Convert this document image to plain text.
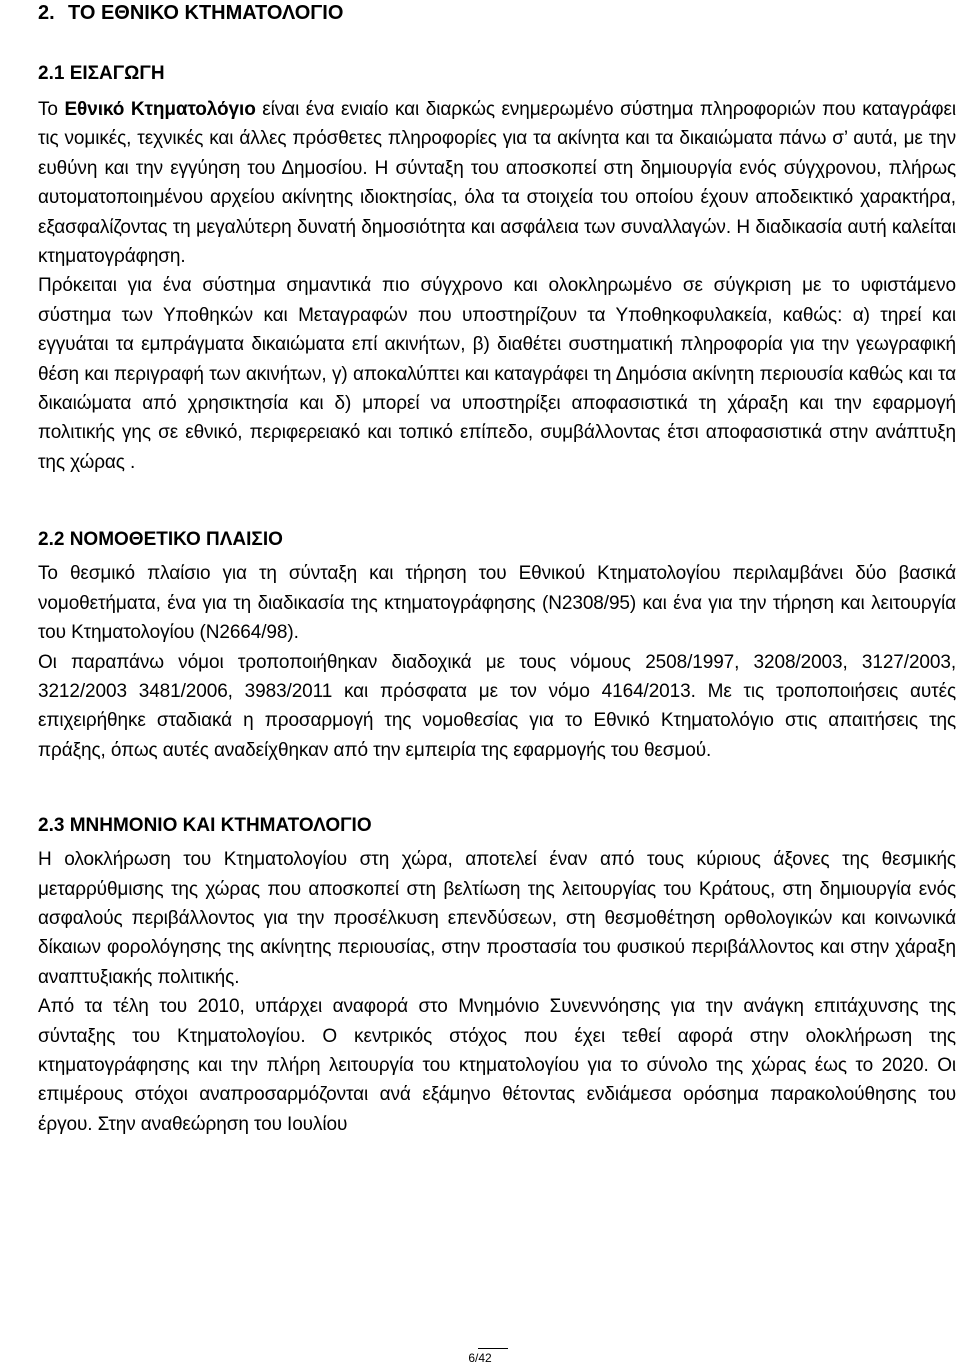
2. ΤΟ ΕΘΝΙΚΟ ΚΤΗΜΑΤΟΛΟΓΙΟ
2.1 ΕΙΣΑΓΩΓΗ

Το Εθνικό Κτηματολόγιο είναι ένα ενιαίο και διαρκώς ενημερωμένο σύστημα πληροφοριών που καταγράφει τις νομικές, τεχνικές και άλλες πρόσθετες πληροφορίες για τα ακίνητα και τα δικαιώματα πάνω σ’ αυτά, με την ευθύνη και την εγγύηση του Δημοσίου. Η σύνταξη του αποσκοπεί στη δημιουργία ενός σύγχρονου, πλήρως αυτοματοποιημένου αρχείου ακίνητης ιδιοκτησίας, όλα τα στοιχεία του οποίου έχουν αποδεικτικό χαρακτήρα, εξασφαλίζοντας τη μεγαλύτερη δυνατή δημοσιότητα και ασφάλεια των συναλλαγών. Η διαδικασία αυτή καλείται κτηματογράφηση.

Πρόκειται για ένα σύστημα σημαντικά πιο σύγχρονο και ολοκληρωμένο σε σύγκριση με το υφιστάμενο σύστημα των Υποθηκών και Μεταγραφών που υποστηρίζουν τα Υποθηκοφυλακεία, καθώς: α) τηρεί και εγγυάται τα εμπράγματα δικαιώματα επί ακινήτων, β) διαθέτει συστηματική πληροφορία για την γεωγραφική θέση και περιγραφή των ακινήτων, γ) αποκαλύπτει και καταγράφει τη Δημόσια ακίνητη περιουσία καθώς και τα δικαιώματα από χρησικτησία και δ) μπορεί να υποστηρίξει αποφασιστικά τη χάραξη και την εφαρμογή πολιτικής γης σε εθνικό, περιφερειακό και τοπικό επίπεδο, συμβάλλοντας έτσι αποφασιστικά στην ανάπτυξη της χώρας .

2.2 ΝΟΜΟΘΕΤΙΚΟ ΠΛΑΙΣΙΟ

Το θεσμικό πλαίσιο για τη σύνταξη και τήρηση του Εθνικού Κτηματολογίου περιλαμβάνει δύο βασικά νομοθετήματα, ένα για τη διαδικασία της κτηματογράφησης (Ν2308/95) και ένα για την τήρηση και λειτουργία του Κτηματολογίου (Ν2664/98).

Οι παραπάνω νόμοι τροποποιήθηκαν διαδοχικά με τους νόμους 2508/1997, 3208/2003, 3127/2003, 3212/2003 3481/2006, 3983/2011 και πρόσφατα με τον νόμο 4164/2013. Με τις τροποποιήσεις αυτές επιχειρήθηκε σταδιακά η προσαρμογή της νομοθεσίας για το Εθνικό Κτηματολόγιο στις απαιτήσεις της πράξης, όπως αυτές αναδείχθηκαν από την εμπειρία της εφαρμογής του θεσμού.

2.3 ΜΝΗΜΟΝΙΟ ΚΑΙ ΚΤΗΜΑΤΟΛΟΓΙΟ

Η ολοκλήρωση του Κτηματολογίου στη χώρα, αποτελεί έναν από τους κύριους άξονες της θεσμικής μεταρρύθμισης της χώρας που αποσκοπεί στη βελτίωση της λειτουργίας του Κράτους, στη δημιουργία ενός ασφαλούς περιβάλλοντος για την προσέλκυση επενδύσεων, στη θεσμοθέτηση ορθολογικών και κοινωνικά δίκαιων φορολόγησης της ακίνητης περιουσίας, στην προστασία του φυσικού περιβάλλοντος και στην χάραξη αναπτυξιακής πολιτικής.

Από τα τέλη του 2010, υπάρχει αναφορά στο Μνημόνιο Συνεννόησης για την ανάγκη επιτάχυνσης της σύνταξης του Κτηματολογίου. Ο κεντρικός στόχος που έχει τεθεί αφορά στην ολοκλήρωση της κτηματογράφησης και την πλήρη λειτουργία του κτηματολογίου για το σύνολο της χώρας έως το 2020. Οι επιμέρους στόχοι αναπροσαρμόζονται ανά εξάμηνο θέτοντας ενδιάμεσα ορόσημα παρακολούθησης του έργου. Στην αναθεώρηση του Ιουλίου

6/42
